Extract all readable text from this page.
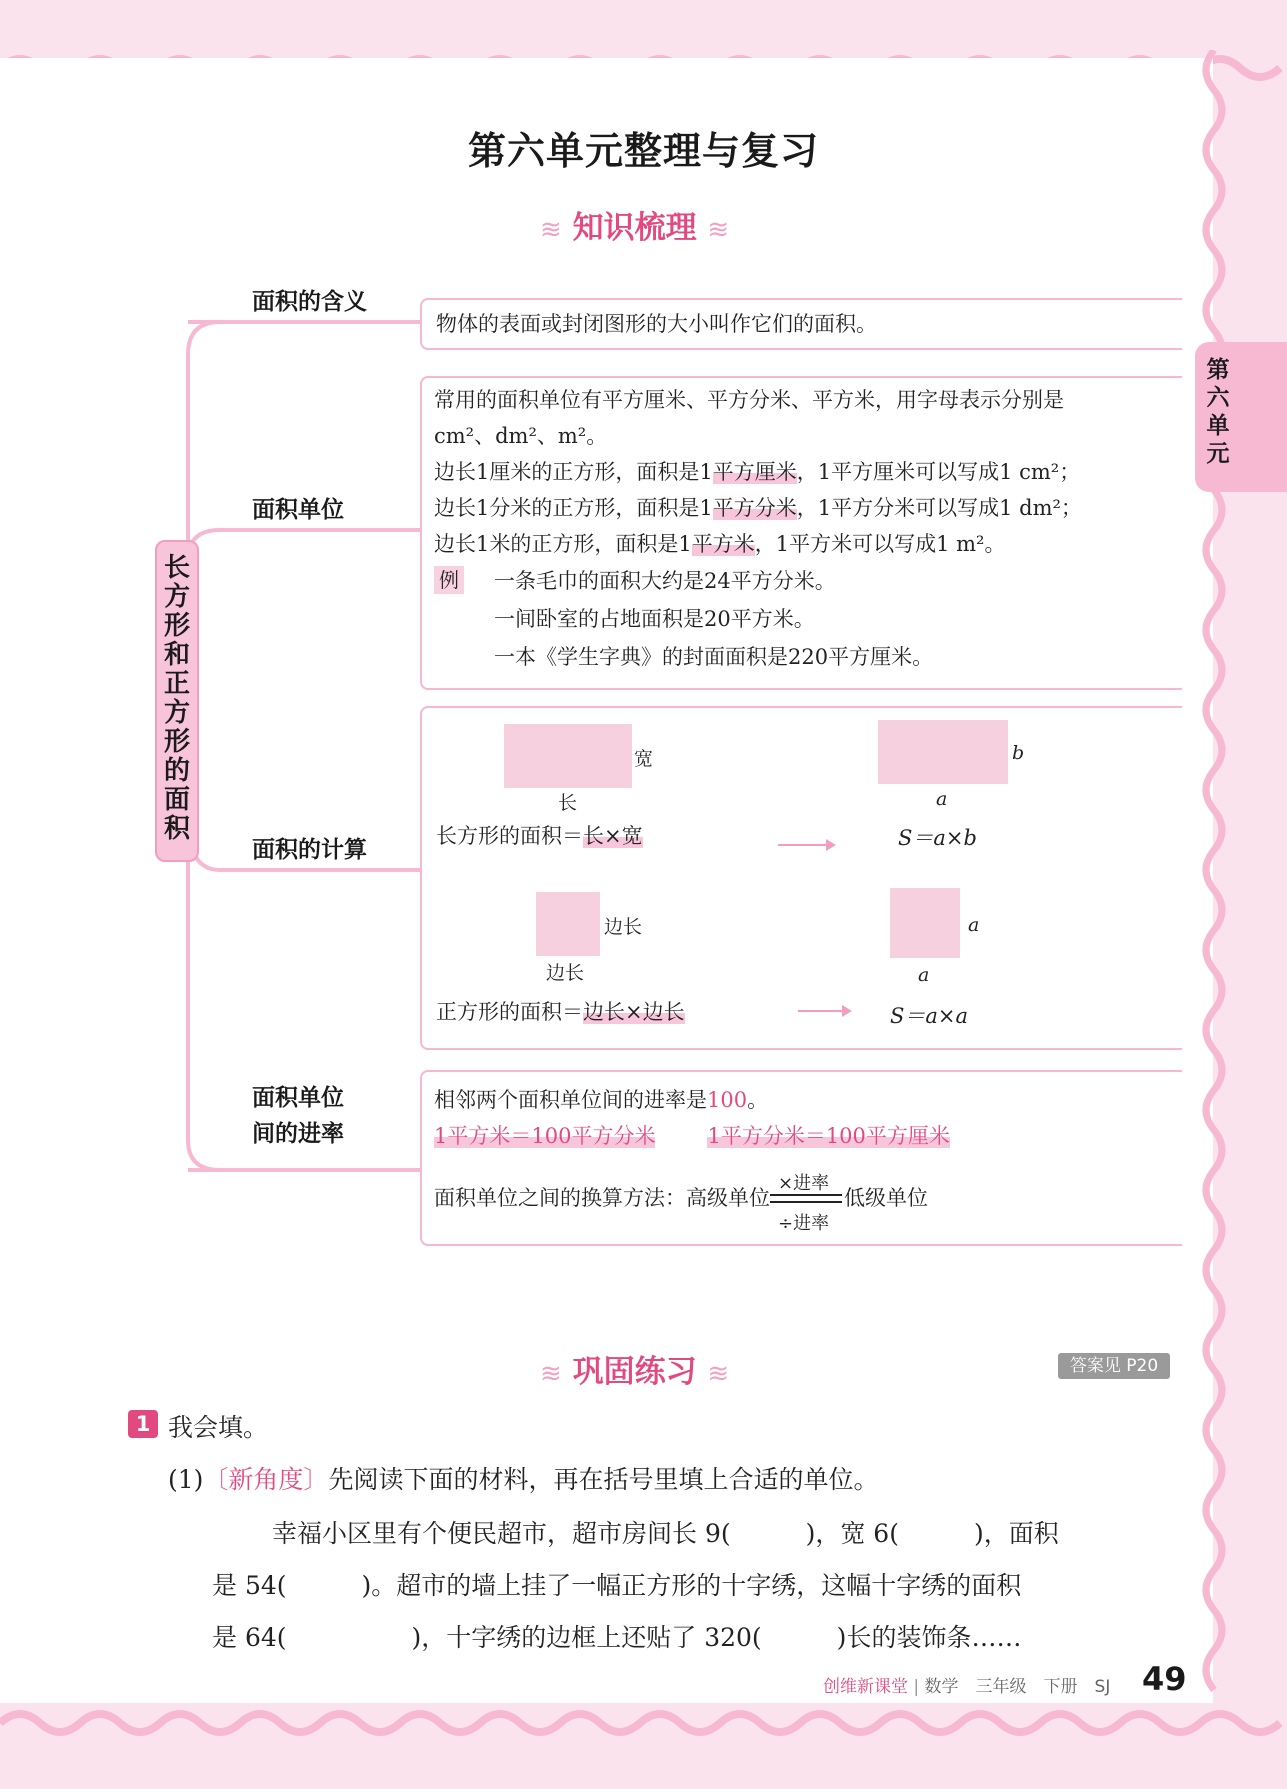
第
六
单
元
第六单元整理与复习
≋ 知识梳理 ≋
长
方
形
和
正
方
形
的
面
积
面积的含义
面积单位
面积的计算
面积单位
间的进率
物体的表面或封闭图形的大小叫作它们的面积。
常用的面积单位有平方厘米、平方分米、平方米，用字母表示分别是
cm²、dm²、m²。
边长1厘米的正方形，面积是1平方厘米，1平方厘米可以写成1 cm²；
边长1分米的正方形，面积是1平方分米，1平方分米可以写成1 dm²；
边长1米的正方形，面积是1平方米，1平方米可以写成1 m²。
例 一条毛巾的面积大约是24平方分米。
一间卧室的占地面积是20平方米。
一本《学生字典》的封面面积是220平方厘米。
宽
长
b
a
长方形的面积＝长×宽	S＝a×b
边长
边长
a
a
正方形的面积＝边长×边长	S＝a×a
相邻两个面积单位间的进率是100。
1平方米＝100平方分米 1平方分米＝100平方厘米
面积单位之间的换算方法：高级单位
×进率
÷进率
低级单位
≋ 巩固练习 ≋	答案见 P20
1 我会填。
(1)〔新角度〕先阅读下面的材料，再在括号里填上合适的单位。
幸福小区里有个便民超市，超市房间长 9(　　　)，宽 6(　　　)，面积
是 54(　　　)。超市的墙上挂了一幅正方形的十字绣，这幅十字绣的面积
是 64(　　　　　)，十字绣的边框上还贴了 320(　　　)长的装饰条……
创维新课堂 | 数学　三年级　下册　SJ 49
